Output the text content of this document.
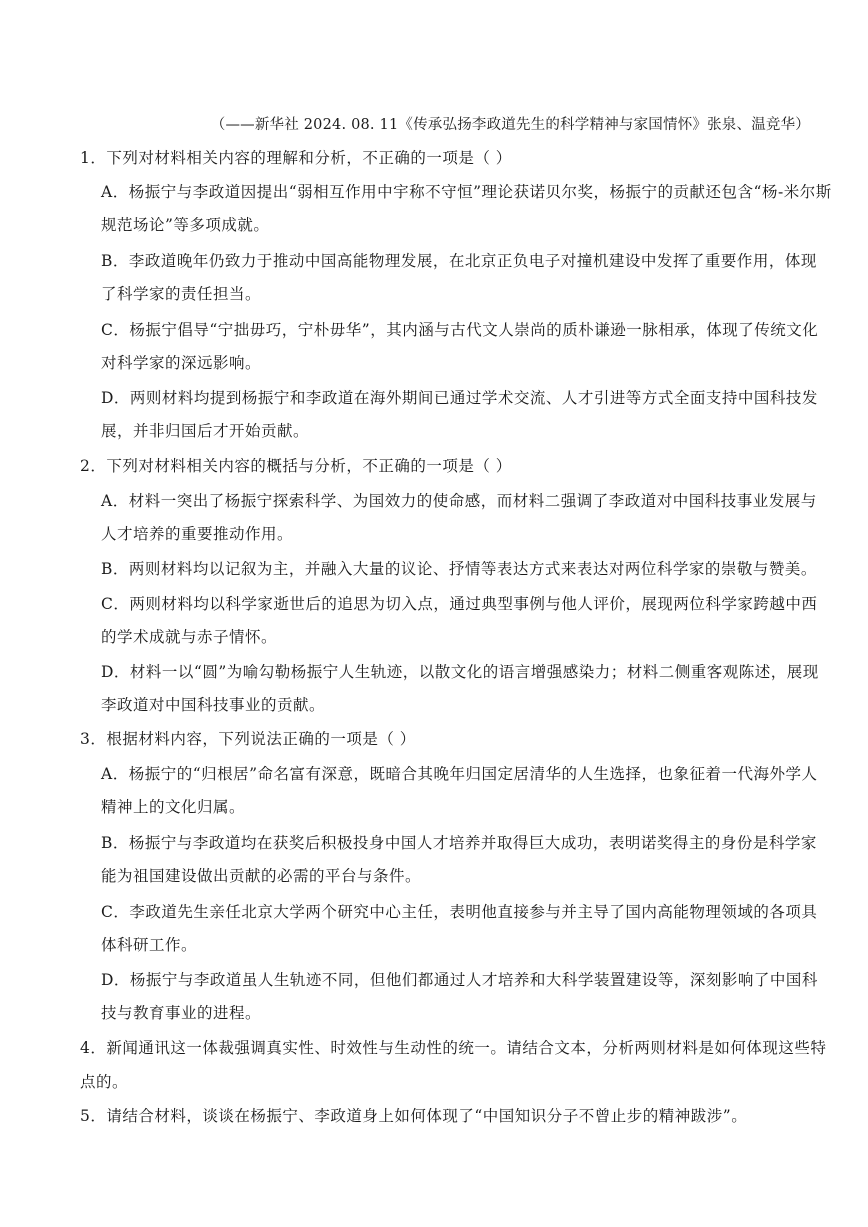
（——新华社 2024. 08. 11《传承弘扬李政道先生的科学精神与家国情怀》张泉、温竞华）
1．下列对材料相关内容的理解和分析，不正确的一项是（ ）
A．杨振宁与李政道因提出“弱相互作用中宇称不守恒”理论获诺贝尔奖，杨振宁的贡献还包含“杨-米尔斯
规范场论”等多项成就。
B．李政道晚年仍致力于推动中国高能物理发展，在北京正负电子对撞机建设中发挥了重要作用，体现
了科学家的责任担当。
C．杨振宁倡导“宁拙毋巧，宁朴毋华”，其内涵与古代文人崇尚的质朴谦逊一脉相承，体现了传统文化
对科学家的深远影响。
D．两则材料均提到杨振宁和李政道在海外期间已通过学术交流、人才引进等方式全面支持中国科技发
展，并非归国后才开始贡献。
2．下列对材料相关内容的概括与分析，不正确的一项是（ ）
A．材料一突出了杨振宁探索科学、为国效力的使命感，而材料二强调了李政道对中国科技事业发展与
人才培养的重要推动作用。
B．两则材料均以记叙为主，并融入大量的议论、抒情等表达方式来表达对两位科学家的崇敬与赞美。
C．两则材料均以科学家逝世后的追思为切入点，通过典型事例与他人评价，展现两位科学家跨越中西
的学术成就与赤子情怀。
D．材料一以“圆”为喻勾勒杨振宁人生轨迹，以散文化的语言增强感染力；材料二侧重客观陈述，展现
李政道对中国科技事业的贡献。
3．根据材料内容，下列说法正确的一项是（ ）
A．杨振宁的“归根居”命名富有深意，既暗合其晚年归国定居清华的人生选择，也象征着一代海外学人
精神上的文化归属。
B．杨振宁与李政道均在获奖后积极投身中国人才培养并取得巨大成功，表明诺奖得主的身份是科学家
能为祖国建设做出贡献的必需的平台与条件。
C．李政道先生亲任北京大学两个研究中心主任，表明他直接参与并主导了国内高能物理领域的各项具
体科研工作。
D．杨振宁与李政道虽人生轨迹不同，但他们都通过人才培养和大科学装置建设等，深刻影响了中国科
技与教育事业的进程。
4．新闻通讯这一体裁强调真实性、时效性与生动性的统一。请结合文本，分析两则材料是如何体现这些特
点的。
5．请结合材料，谈谈在杨振宁、李政道身上如何体现了“中国知识分子不曾止步的精神跋涉”。
